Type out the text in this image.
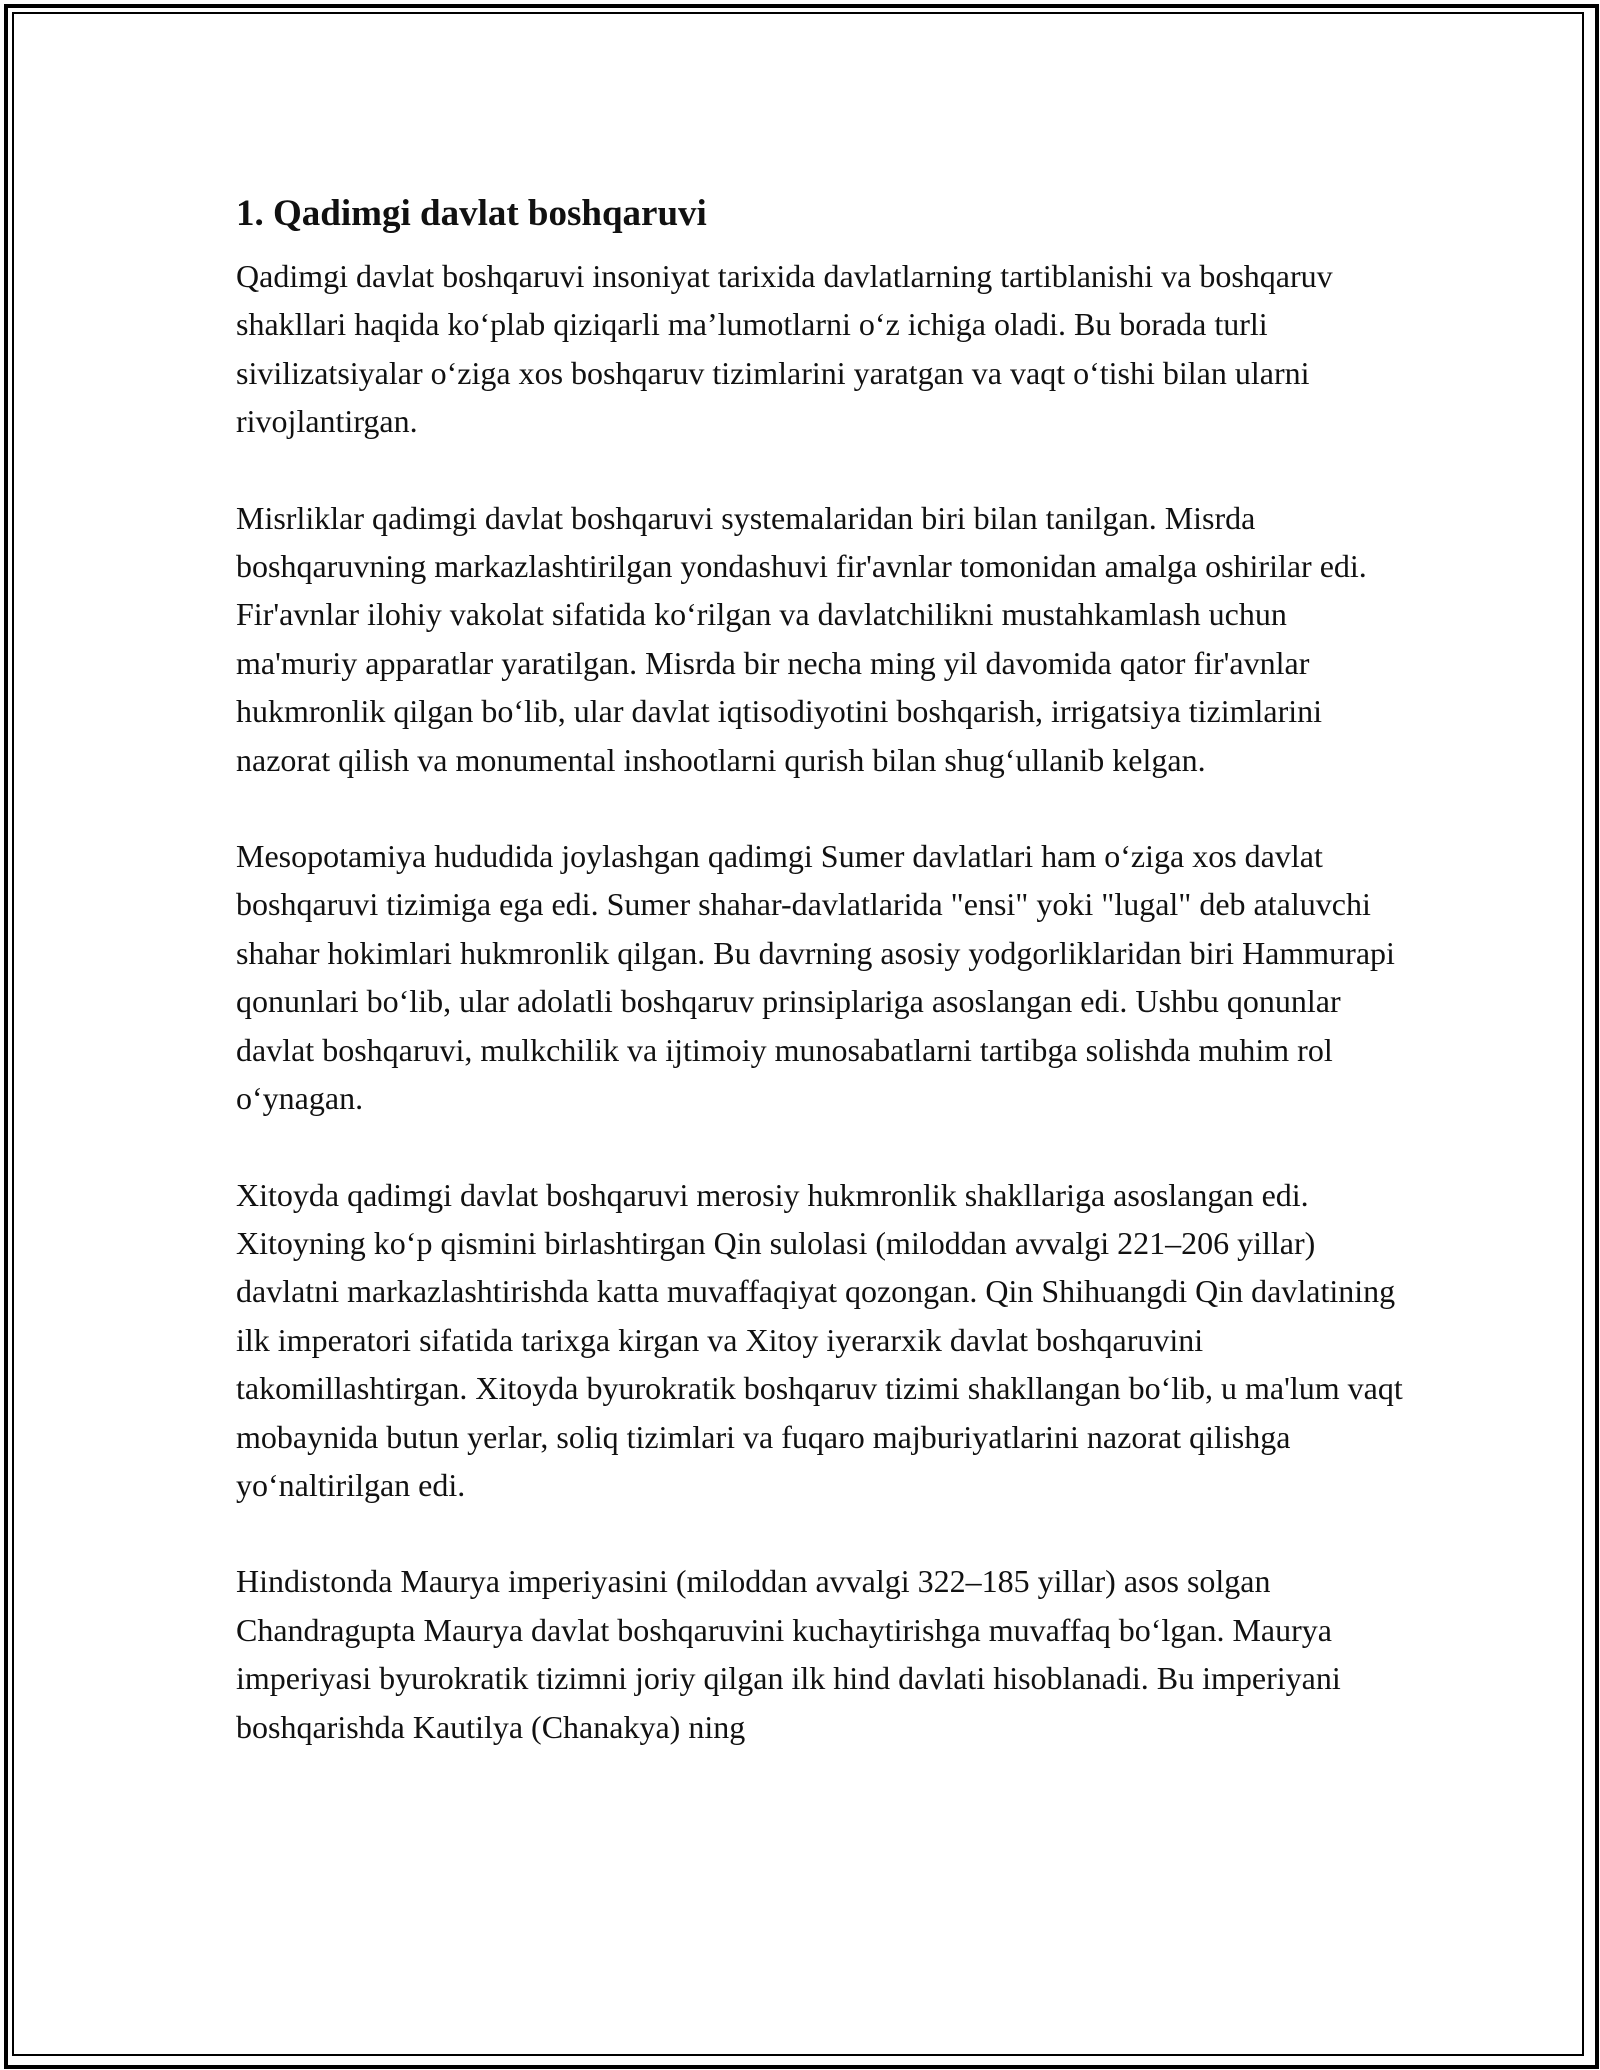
1. Qadimgi davlat boshqaruvi

Qadimgi davlat boshqaruvi insoniyat tarixida davlatlarning tartiblanishi va boshqaruv shakllari haqida ko‘plab qiziqarli ma’lumotlarni o‘z ichiga oladi. Bu borada turli sivilizatsiyalar o‘ziga xos boshqaruv tizimlarini yaratgan va vaqt o‘tishi bilan ularni rivojlantirgan.

Misrliklar qadimgi davlat boshqaruvi systemalaridan biri bilan tanilgan. Misrda boshqaruvning markazlashtirilgan yondashuvi fir'avnlar tomonidan amalga oshirilar edi. Fir'avnlar ilohiy vakolat sifatida ko‘rilgan va davlatchilikni mustahkamlash uchun ma'muriy apparatlar yaratilgan. Misrda bir necha ming yil davomida qator fir'avnlar hukmronlik qilgan bo‘lib, ular davlat iqtisodiyotini boshqarish, irrigatsiya tizimlarini nazorat qilish va monumental inshootlarni qurish bilan shug‘ullanib kelgan.

Mesopotamiya hududida joylashgan qadimgi Sumer davlatlari ham o‘ziga xos davlat boshqaruvi tizimiga ega edi. Sumer shahar-davlatlarida "ensi" yoki "lugal" deb ataluvchi shahar hokimlari hukmronlik qilgan. Bu davrning asosiy yodgorliklaridan biri Hammurapi qonunlari bo‘lib, ular adolatli boshqaruv prinsiplariga asoslangan edi. Ushbu qonunlar davlat boshqaruvi, mulkchilik va ijtimoiy munosabatlarni tartibga solishda muhim rol o‘ynagan.

Xitoyda qadimgi davlat boshqaruvi merosiy hukmronlik shakllariga asoslangan edi. Xitoyning ko‘p qismini birlashtirgan Qin sulolasi (miloddan avvalgi 221–206 yillar) davlatni markazlashtirishda katta muvaffaqiyat qozongan. Qin Shihuangdi Qin davlatining ilk imperatori sifatida tarixga kirgan va Xitoy iyerarxik davlat boshqaruvini takomillashtirgan. Xitoyda byurokratik boshqaruv tizimi shakllangan bo‘lib, u ma'lum vaqt mobaynida butun yerlar, soliq tizimlari va fuqaro majburiyatlarini nazorat qilishga yo‘naltirilgan edi.

Hindistonda Maurya imperiyasini (miloddan avvalgi 322–185 yillar) asos solgan Chandragupta Maurya davlat boshqaruvini kuchaytirishga muvaffaq bo‘lgan. Maurya imperiyasi byurokratik tizimni joriy qilgan ilk hind davlati hisoblanadi. Bu imperiyani boshqarishda Kautilya (Chanakya) ning
